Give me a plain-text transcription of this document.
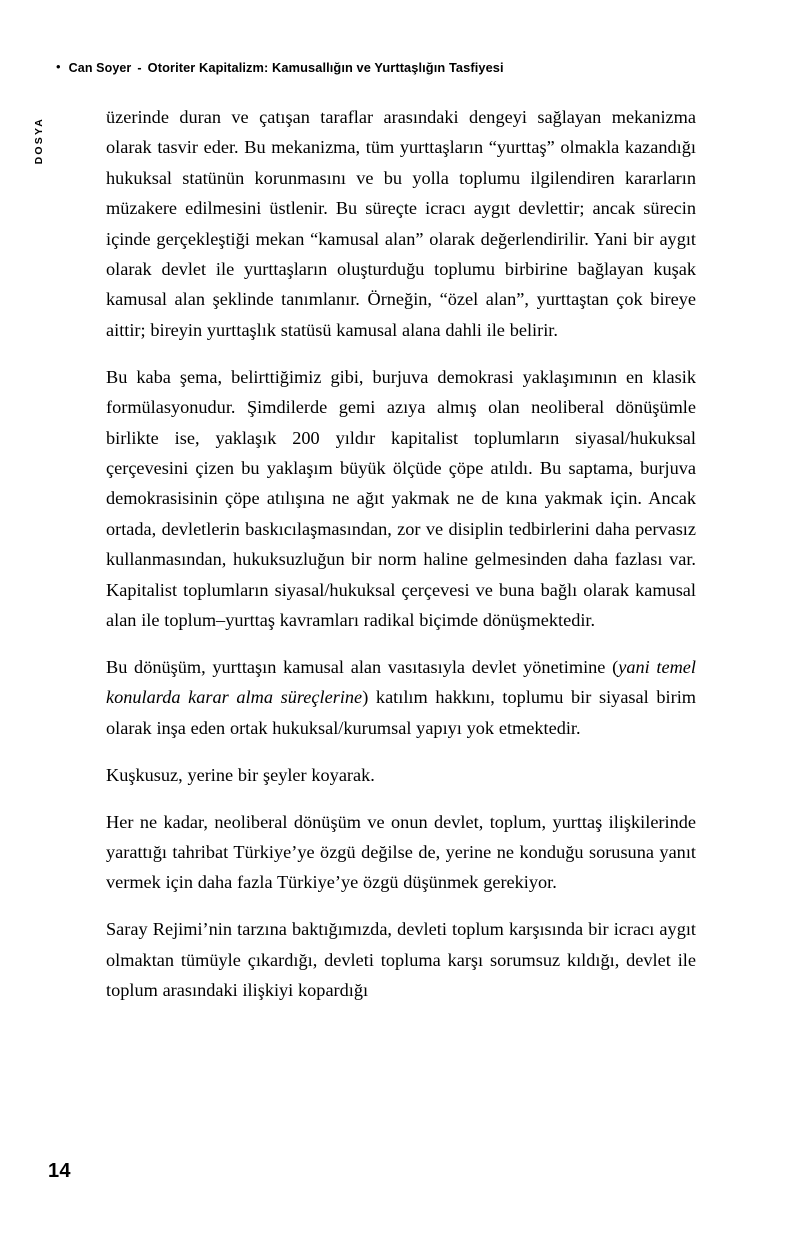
• Can Soyer - Otoriter Kapitalizm: Kamusallığın ve Yurttaşlığın Tasfiyesi
DOSYA

üzerinde duran ve çatışan taraflar arasındaki dengeyi sağlayan mekanizma olarak tasvir eder. Bu mekanizma, tüm yurttaşların “yurttaş” olmakla kazandığı hukuksal statünün korunmasını ve bu yolla toplumu ilgilendiren kararların müzakere edilmesini üstlenir. Bu süreçte icracı aygıt devlettir; ancak sürecin içinde gerçekleştiği mekan “kamusal alan” olarak değerlendirilir. Yani bir aygıt olarak devlet ile yurttaşların oluşturduğu toplumu birbirine bağlayan kuşak kamusal alan şeklinde tanımlanır. Örneğin, “özel alan”, yurttaştan çok bireye aittir; bireyin yurttaşlık statüsü kamusal alana dahli ile belirir.

Bu kaba şema, belirttiğimiz gibi, burjuva demokrasi yaklaşımının en klasik formülasyonudur. Şimdilerde gemi azıya almış olan neoliberal dönüşümle birlikte ise, yaklaşık 200 yıldır kapitalist toplumların siyasal/hukuksal çerçevesini çizen bu yaklaşım büyük ölçüde çöpe atıldı. Bu saptama, burjuva demokrasisinin çöpe atılışına ne ağıt yakmak ne de kına yakmak için. Ancak ortada, devletlerin baskıcılaşmasından, zor ve disiplin tedbirlerini daha pervasız kullanmasından, hukuksuzluğun bir norm haline gelmesinden daha fazlası var. Kapitalist toplumların siyasal/hukuksal çerçevesi ve buna bağlı olarak kamusal alan ile toplum–yurttaş kavramları radikal biçimde dönüşmektedir.

Bu dönüşüm, yurttaşın kamusal alan vasıtasıyla devlet yönetimine (yani temel konularda karar alma süreçlerine) katılım hakkını, toplumu bir siyasal birim olarak inşa eden ortak hukuksal/kurumsal yapıyı yok etmektedir.

Kuşkusuz, yerine bir şeyler koyarak.

Her ne kadar, neoliberal dönüşüm ve onun devlet, toplum, yurttaş ilişkilerinde yarattığı tahribat Türkiye’ye özgü değilse de, yerine ne konduğu sorusuna yanıt vermek için daha fazla Türkiye’ye özgü düşünmek gerekiyor.

Saray Rejimi’nin tarzına baktığımızda, devleti toplum karşısında bir icracı aygıt olmaktan tümüyle çıkardığı, devleti topluma karşı sorumsuz kıldığı, devlet ile toplum arasındaki ilişkiyi kopardığı

14
